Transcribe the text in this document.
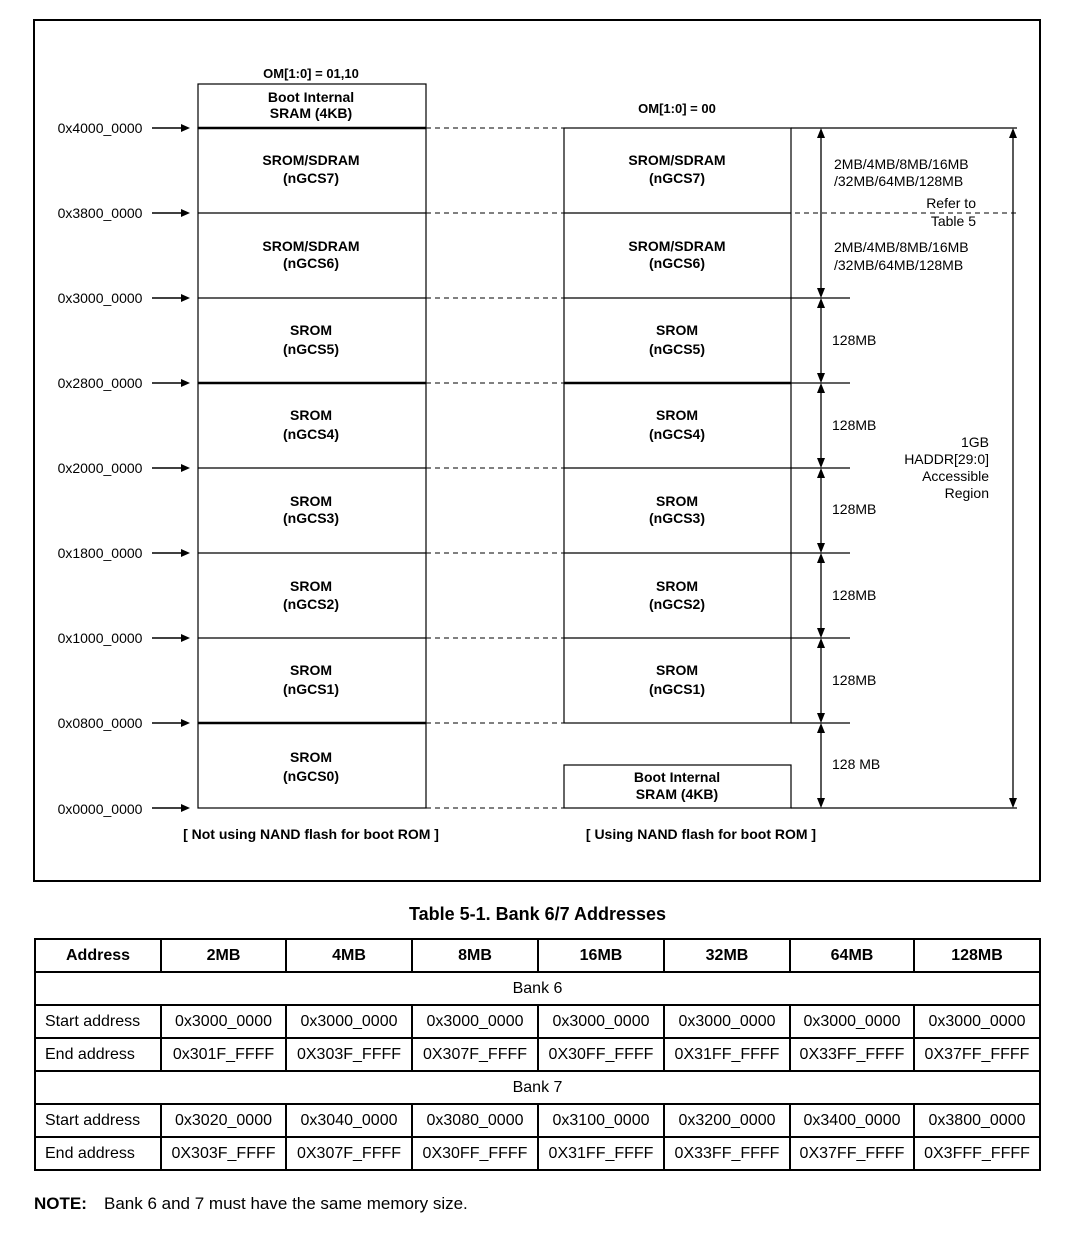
OM[1:0] = 01,10
OM[1:0] = 00
0x4000_0000
0x3800_0000
0x3000_0000
0x2800_0000
0x2000_0000
0x1800_0000
0x1000_0000
0x0800_0000
0x0000_0000
Boot Internal
SRAM (4KB)
SROM/SDRAM
(nGCS7)
SROM/SDRAM
(nGCS6)
SROM
(nGCS5)
SROM
(nGCS4)
SROM
(nGCS3)
SROM
(nGCS2)
SROM
(nGCS1)
SROM
(nGCS0)
SROM/SDRAM
(nGCS7)
SROM/SDRAM
(nGCS6)
SROM
(nGCS5)
SROM
(nGCS4)
SROM
(nGCS3)
SROM
(nGCS2)
SROM
(nGCS1)
Boot Internal
SRAM (4KB)
2MB/4MB/8MB/16MB
/32MB/64MB/128MB
Refer to
Table 5
2MB/4MB/8MB/16MB
/32MB/64MB/128MB
128MB
128MB
128MB
128MB
128MB
128 MB
1GB
HADDR[29:0]
Accessible
Region
[ Not using NAND flash for boot ROM ]	[ Using NAND flash for boot ROM ]
Table 5-1. Bank 6/7 Addresses
Address	2MB	4MB	8MB	16MB	32MB	64MB	128MB
Bank 6							
Start address	0x3000_0000	0x3000_0000	0x3000_0000	0x3000_0000	0x3000_0000	0x3000_0000	0x3000_0000
End address	0x301F_FFFF	0X303F_FFFF	0X307F_FFFF	0X30FF_FFFF	0X31FF_FFFF	0X33FF_FFFF	0X37FF_FFFF
Bank 7							
Start address	0x3020_0000	0x3040_0000	0x3080_0000	0x3100_0000	0x3200_0000	0x3400_0000	0x3800_0000
End address	0X303F_FFFF	0X307F_FFFF	0X30FF_FFFF	0X31FF_FFFF	0X33FF_FFFF	0X37FF_FFFF	0X3FFF_FFFF
NOTE: Bank 6 and 7 must have the same memory size.
